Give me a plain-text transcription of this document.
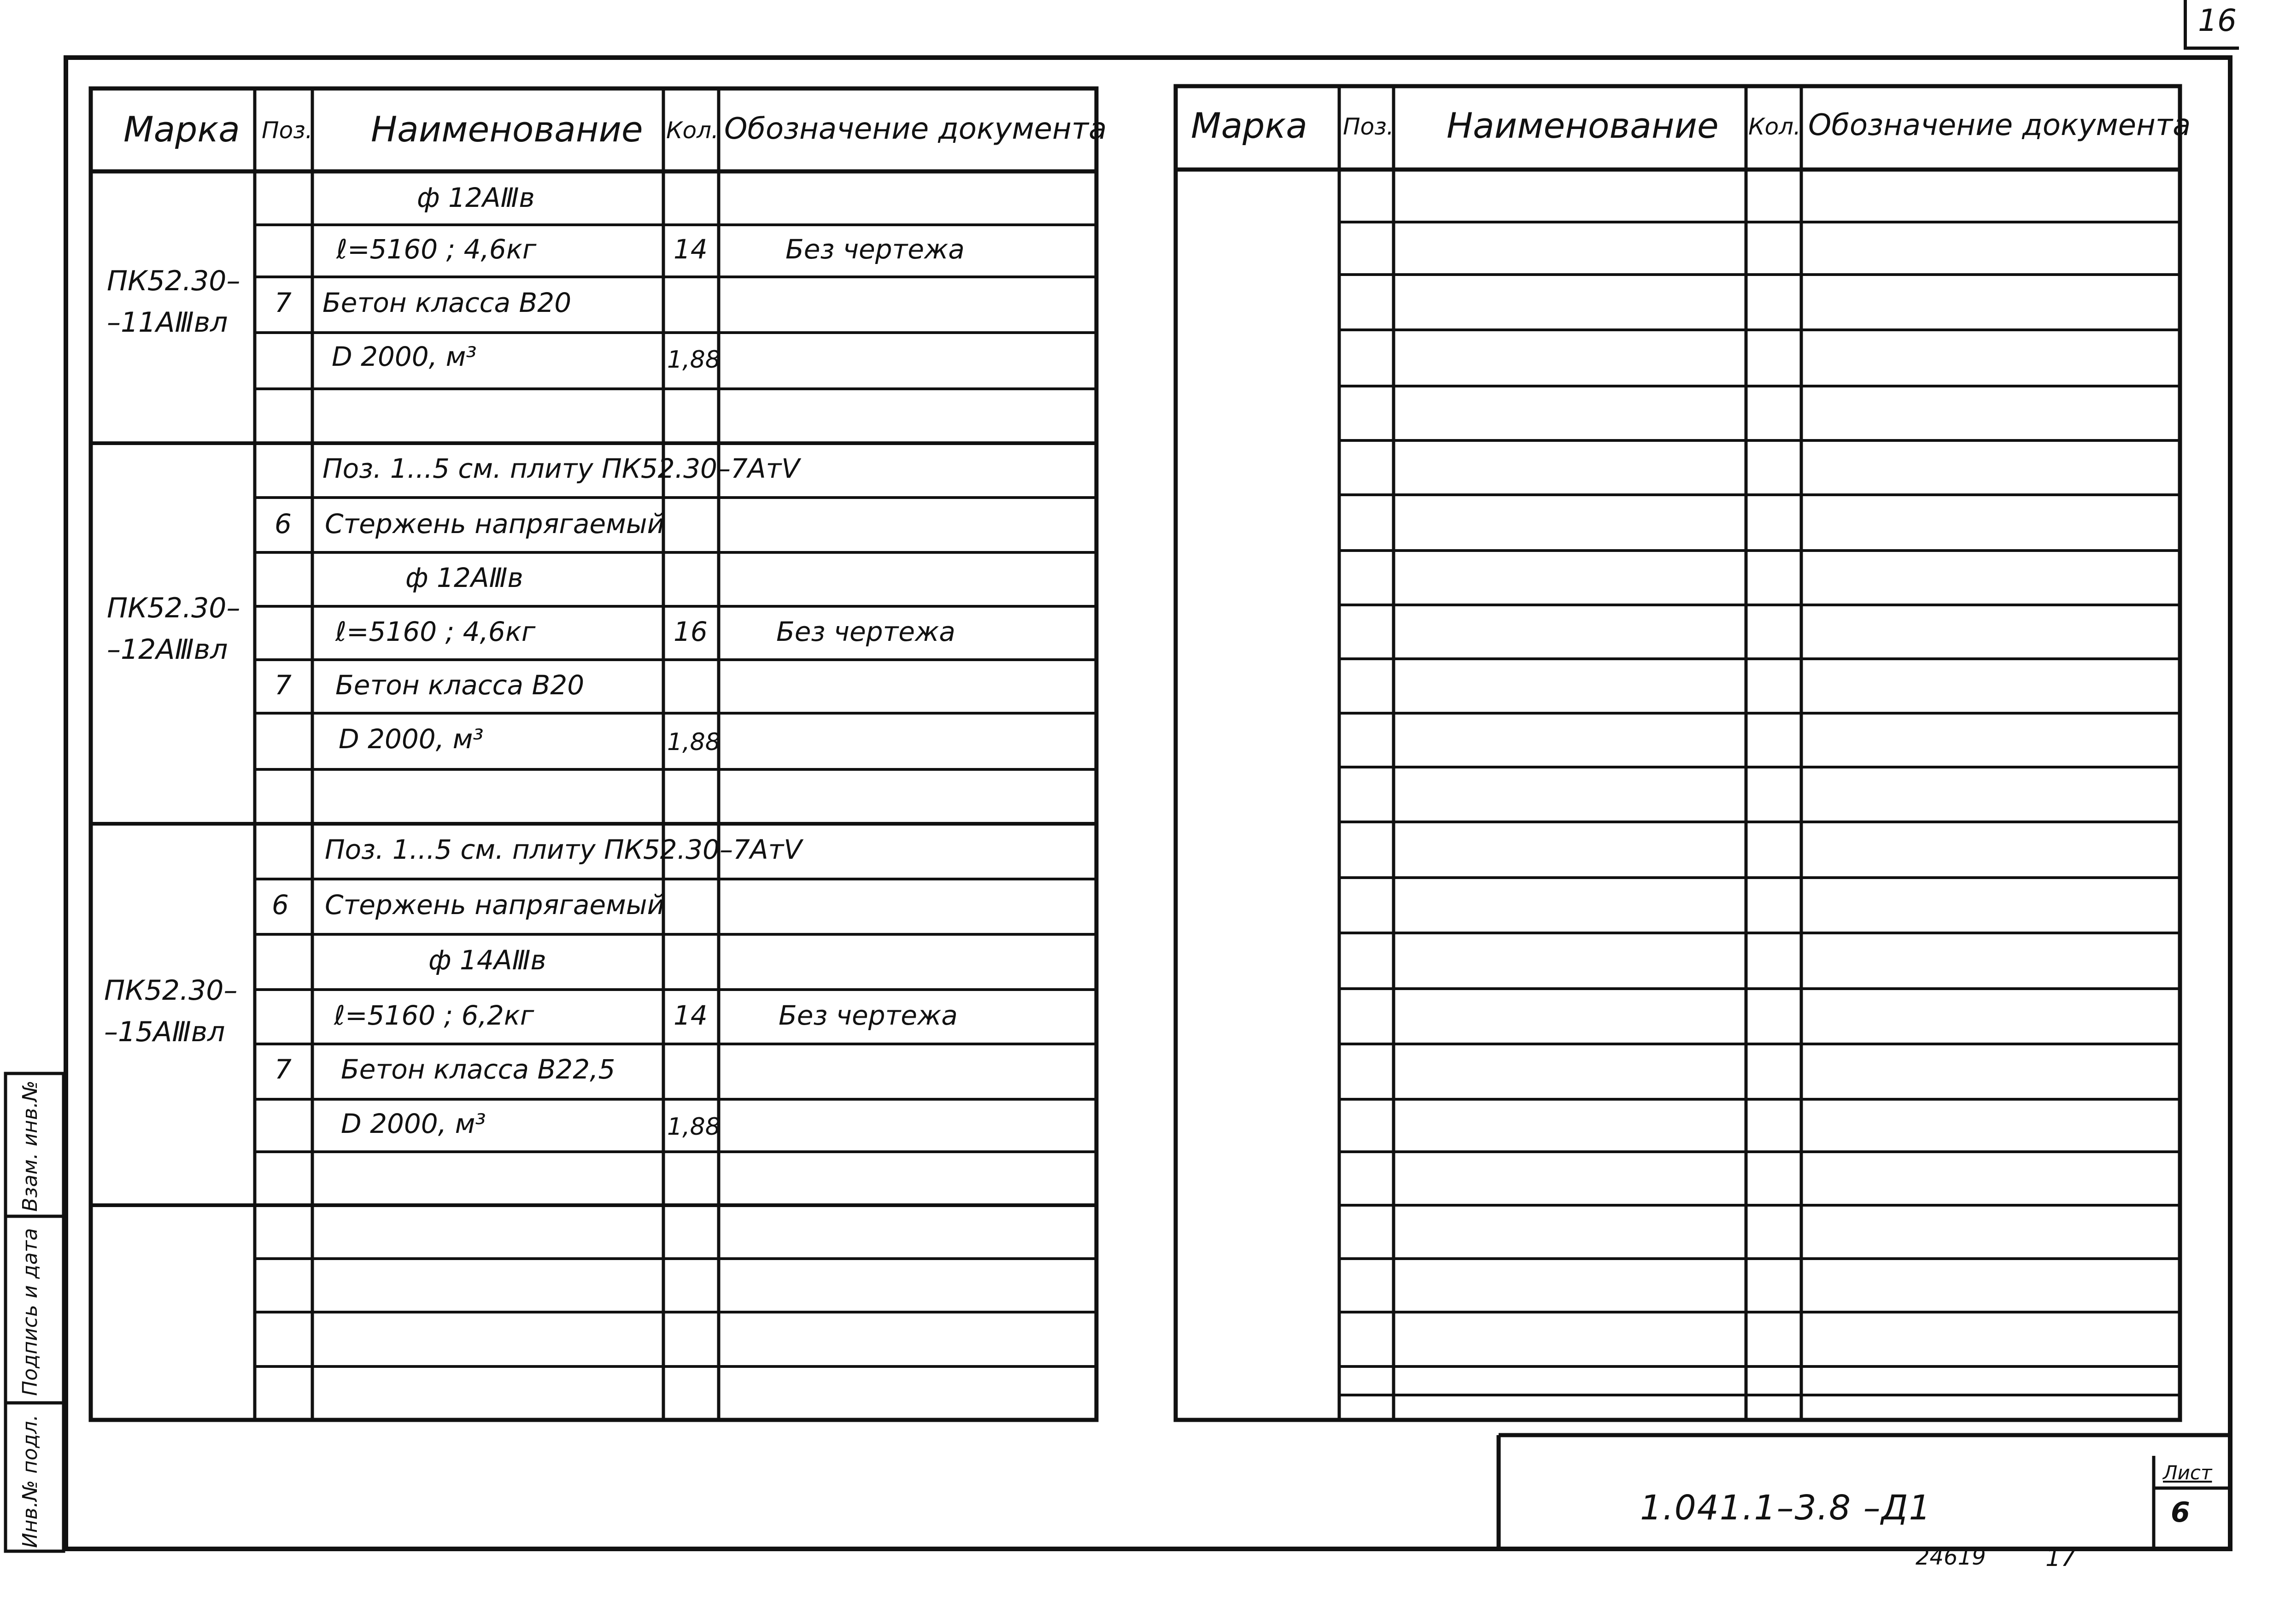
16
Марка Поз. Наименование Кол. Обозначение документа
ПК52.30–
–11AⅢвл
ф 12AⅢв
ℓ=5160 ; 4,6кг	14	Без чертежа
7 Бетон класса В20
D 2000, м³	1,88
Поз. 1...5 см. плиту ПК52.30–7АтⅤ
ПК52.30–
–12AⅢвл
6 Стержень напрягаемый
ф 12AⅢв
ℓ=5160 ; 4,6кг	16	Без чертежа
7 Бетон класса В20
D 2000, м³	1,88
Поз. 1...5 см. плиту ПК52.30–7АтⅤ
ПК52.30–
–15AⅢвл
6 Стержень напрягаемый
ф 14AⅢв
ℓ=5160 ; 6,2кг	14	Без чертежа
7 Бетон класса В22,5
D 2000, м³	1,88
Марка Поз. Наименование Кол. Обозначение документа
Инв.№ подл.
Подпись и дата
Взам. инв.№
1.041.1–3.8 –Д1
Лист
6
24619 17
